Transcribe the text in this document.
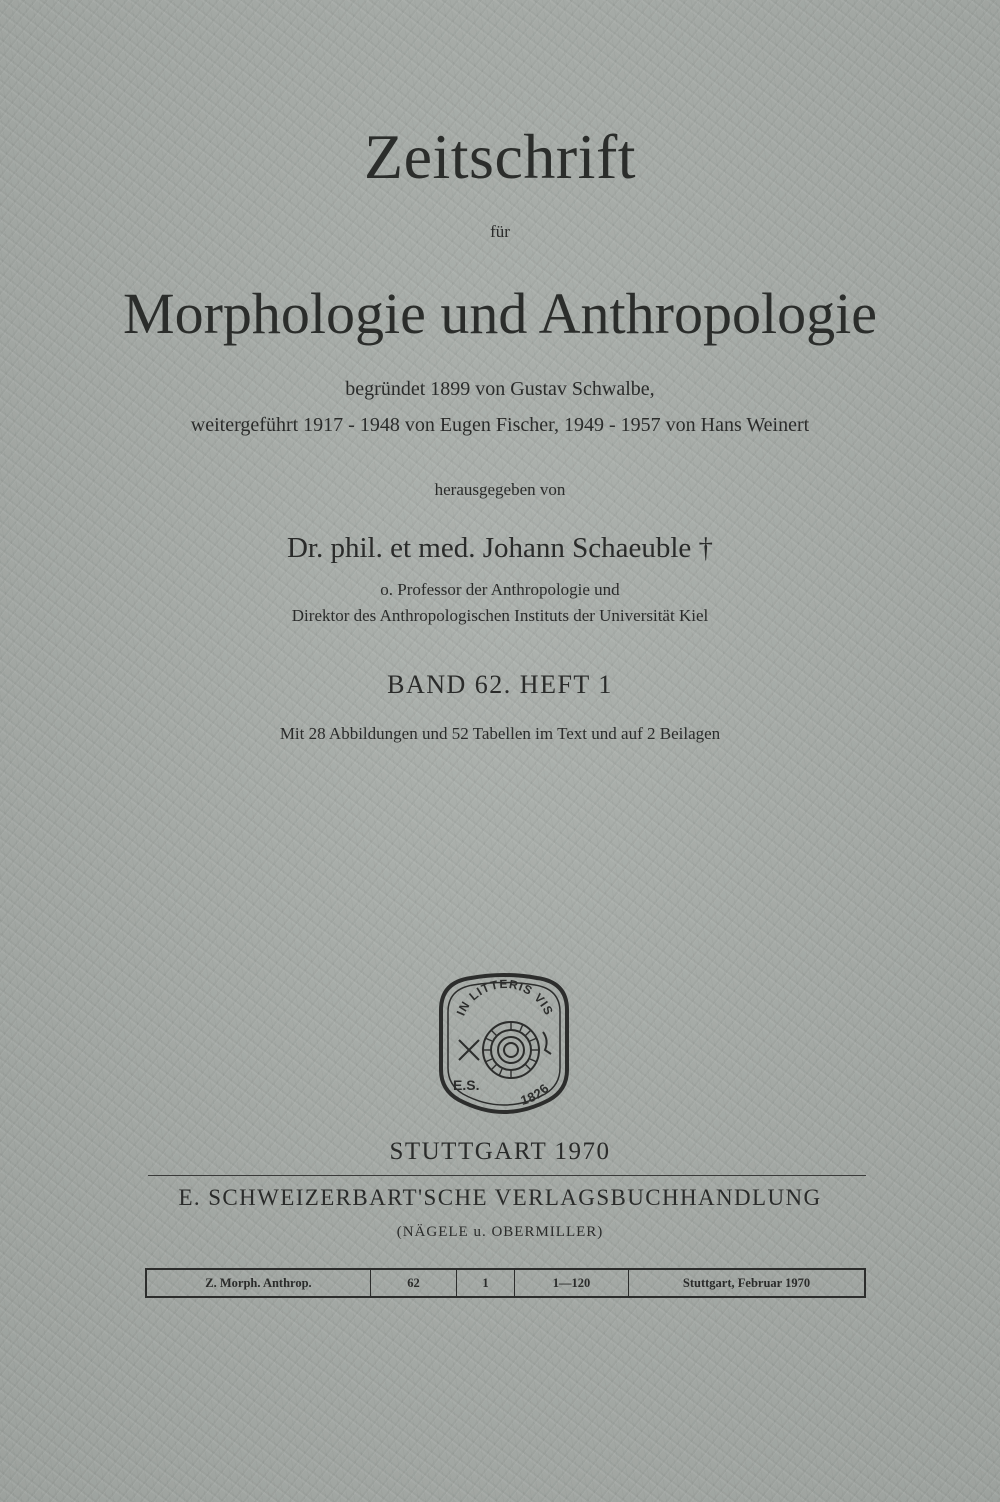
Zeitschrift
für
Morphologie und Anthropologie
begründet 1899 von Gustav Schwalbe,
weitergeführt 1917 - 1948 von Eugen Fischer, 1949 - 1957 von Hans Weinert
herausgegeben von
Dr. phil. et med. Johann Schaeuble †
o. Professor der Anthropologie und
Direktor des Anthropologischen Instituts der Universität Kiel
BAND 62. HEFT 1
Mit 28 Abbildungen und 52 Tabellen im Text und auf 2 Beilagen
IN LITTERIS VIS
E.S.
1826
STUTTGART 1970
E. SCHWEIZERBART'SCHE VERLAGSBUCHHANDLUNG
(NÄGELE u. OBERMILLER)
Z. Morph. Anthrop.	62	1	1—120	Stuttgart, Februar 1970
